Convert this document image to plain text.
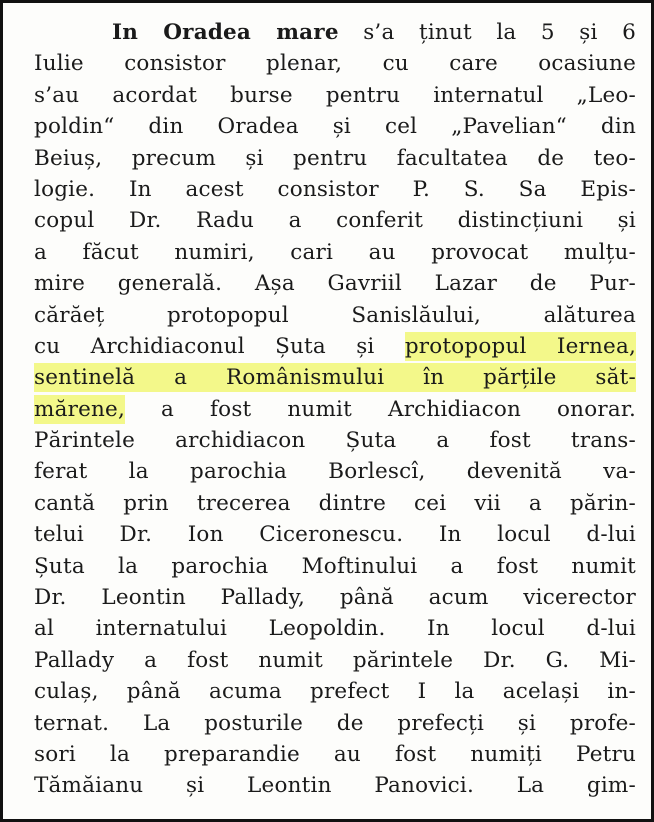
In Oradea mare s’a ținut la 5 și 6
Iulie consistor plenar, cu care ocasiune
s’au acordat burse pentru internatul „Leo-
poldin“ din Oradea și cel „Pavelian“ din
Beiuș, precum și pentru facultatea de teo-
logie. In acest consistor P. S. Sa Epis-
copul Dr. Radu a conferit distincțiuni și
a făcut numiri, cari au provocat mulțu-
mire generală. Așa Gavriil Lazar de Pur-
cărăeț protopopul Sanislăului, alăturea
cu Archidiaconul Șuta și protopopul Iernea,
sentinelă a Românismului în părțile săt-
mărene, a fost numit Archidiacon onorar.
Părintele archidiacon Șuta a fost trans-
ferat la parochia Borlescî, devenită va-
cantă prin trecerea dintre cei vii a părin-
telui Dr. Ion Ciceronescu. In locul d-lui
Șuta la parochia Moftinului a fost numit
Dr. Leontin Pallady, până acum vicerector
al internatului Leopoldin. In locul d-lui
Pallady a fost numit părintele Dr. G. Mi-
culaș, până acuma prefect I la același in-
ternat. La posturile de prefecți și profe-
sori la preparandie au fost numiți Petru
Tămăianu și Leontin Panovici. La gim-
